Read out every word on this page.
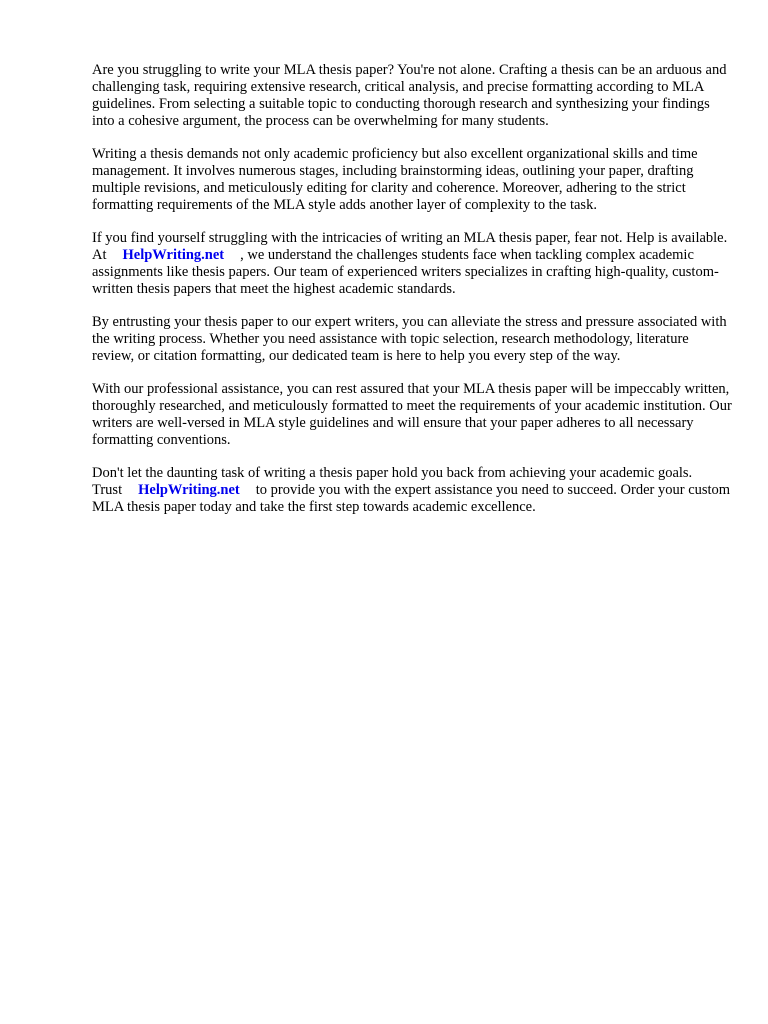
Are you struggling to write your MLA thesis paper? You're not alone. Crafting a thesis can be an arduous and challenging task, requiring extensive research, critical analysis, and precise formatting according to MLA guidelines. From selecting a suitable topic to conducting thorough research and synthesizing your findings into a cohesive argument, the process can be overwhelming for many students.

Writing a thesis demands not only academic proficiency but also excellent organizational skills and time management. It involves numerous stages, including brainstorming ideas, outlining your paper, drafting multiple revisions, and meticulously editing for clarity and coherence. Moreover, adhering to the strict formatting requirements of the MLA style adds another layer of complexity to the task.

If you find yourself struggling with the intricacies of writing an MLA thesis paper, fear not. Help is available. At HelpWriting.net , we understand the challenges students face when tackling complex academic assignments like thesis papers. Our team of experienced writers specializes in crafting high-quality, custom-written thesis papers that meet the highest academic standards.

By entrusting your thesis paper to our expert writers, you can alleviate the stress and pressure associated with the writing process. Whether you need assistance with topic selection, research methodology, literature review, or citation formatting, our dedicated team is here to help you every step of the way.

With our professional assistance, you can rest assured that your MLA thesis paper will be impeccably written, thoroughly researched, and meticulously formatted to meet the requirements of your academic institution. Our writers are well-versed in MLA style guidelines and will ensure that your paper adheres to all necessary formatting conventions.

Don't let the daunting task of writing a thesis paper hold you back from achieving your academic goals. Trust HelpWriting.net to provide you with the expert assistance you need to succeed. Order your custom MLA thesis paper today and take the first step towards academic excellence.
